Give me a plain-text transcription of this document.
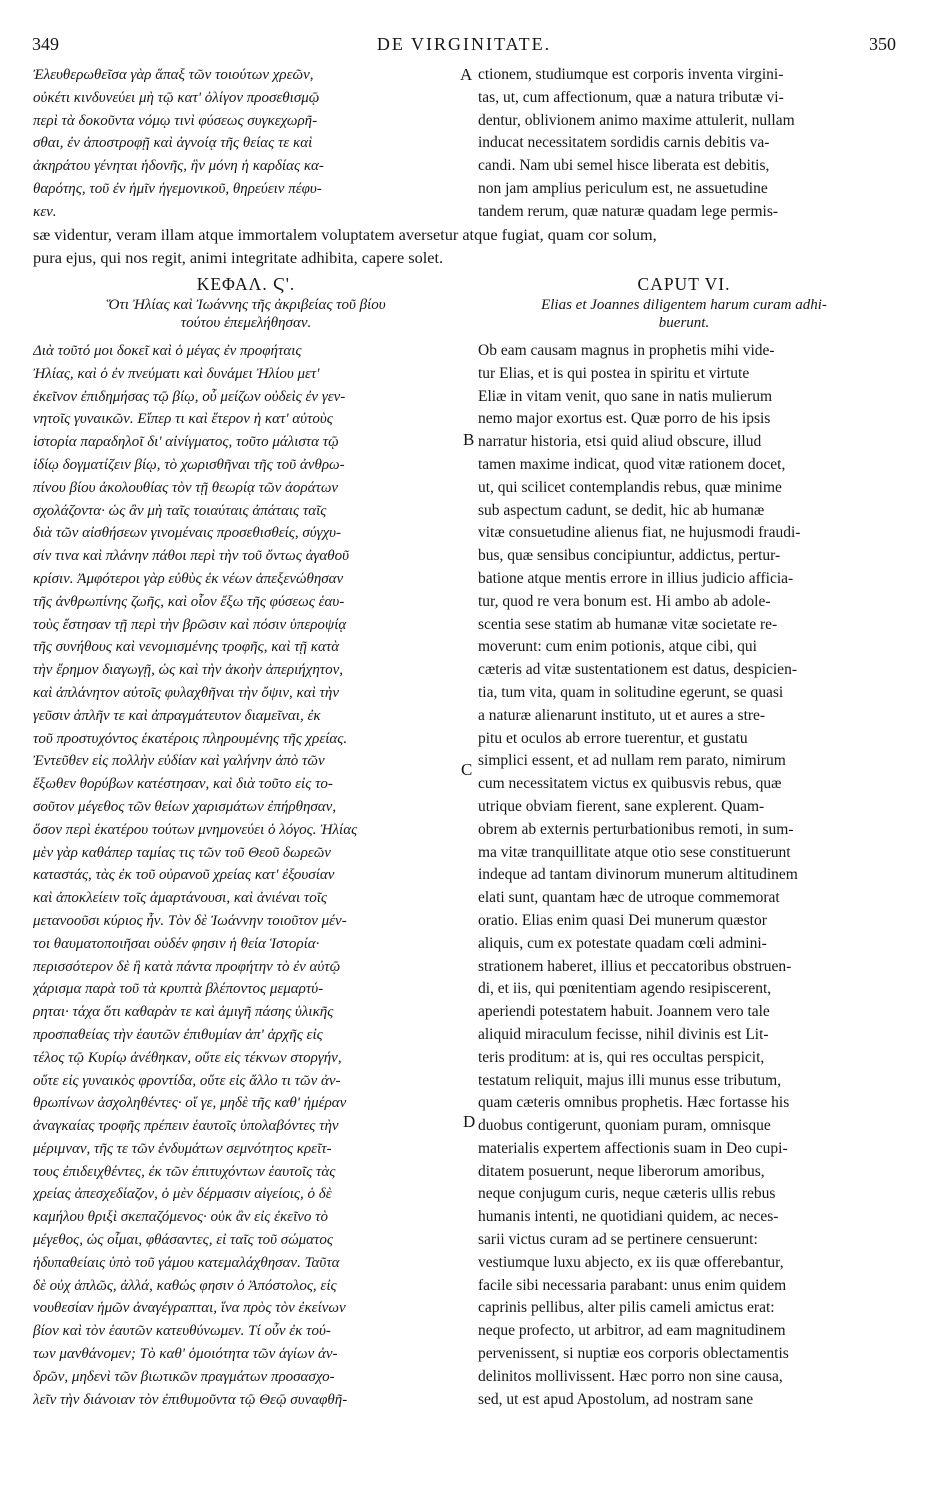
349	DE VIRGINITATE.	350
Ἐλευθερωθεῖσα γὰρ ἅπαξ τῶν τοιούτων χρεῶν,
οὐκέτι κινδυνεύει μὴ τῷ κατ' ὀλίγον προσεθισμῷ
περὶ τὰ δοκοῦντα νόμῳ τινὶ φύσεως συγκεχωρῆ-
σθαι, ἐν ἀποστροφῇ καὶ ἀγνοίᾳ τῆς θείας τε καὶ
ἀκηράτου γένηται ἡδονῆς, ἣν μόνη ἡ καρδίας κα-
θαρότης, τοῦ ἐν ἡμῖν ἡγεμονικοῦ, θηρεύειν πέφυ-
κεν.
ctionem, studiumque est corporis inventa virgini-
tas, ut, cum affectionum, quæ a natura tributæ vi-
dentur, oblivionem animo maxime attulerit, nullam
inducat necessitatem sordidis carnis debitis va-
candi. Nam ubi semel hisce liberata est debitis,
non jam amplius periculum est, ne assuetudine
tandem rerum, quæ naturæ quadam lege permis-
sæ videntur, veram illam atque immortalem voluptatem aversetur atque fugiat, quam cor solum,
pura ejus, qui nos regit, animi integritate adhibita, capere solet.
ΚΕΦΑΛ. Ϛ'.
Ὅτι Ἠλίας καὶ Ἰωάννης τῆς ἀκριβείας τοῦ βίου
τούτου ἐπεμελήθησαν.
Διὰ τοῦτό μοι δοκεῖ καὶ ὁ μέγας ἐν προφήταις
Ἠλίας, καὶ ὁ ἐν πνεύματι καὶ δυνάμει Ἠλίου μετ'
ἐκεῖνον ἐπιδημήσας τῷ βίῳ, οὗ μείζων οὐδεὶς ἐν γεν-
νητοῖς γυναικῶν. Εἴπερ τι καὶ ἕτερον ἡ κατ' αὐτοὺς
ἱστορία παραδηλοῖ δι' αἰνίγματος, τοῦτο μάλιστα τῷ
ἰδίῳ δογματίζειν βίῳ, τὸ χωρισθῆναι τῆς τοῦ ἀνθρω-
πίνου βίου ἀκολουθίας τὸν τῇ θεωρίᾳ τῶν ἀοράτων
σχολάζοντα· ὡς ἂν μὴ ταῖς τοιαύταις ἀπάταις ταῖς
διὰ τῶν αἰσθήσεων γινομέναις προσεθισθείς, σύγχυ-
σίν τινα καὶ πλάνην πάθοι περὶ τὴν τοῦ ὄντως ἀγαθοῦ
κρίσιν. Ἀμφότεροι γὰρ εὐθὺς ἐκ νέων ἀπεξενώθησαν
τῆς ἀνθρωπίνης ζωῆς, καὶ οἷον ἔξω τῆς φύσεως ἑαυ-
τοὺς ἔστησαν τῇ περὶ τὴν βρῶσιν καὶ πόσιν ὑπεροψίᾳ
τῆς συνήθους καὶ νενομισμένης τροφῆς, καὶ τῇ κατὰ
τὴν ἔρημον διαγωγῇ, ὡς καὶ τὴν ἀκοὴν ἀπεριήχητον,
καὶ ἀπλάνητον αὐτοῖς φυλαχθῆναι τὴν ὄψιν, καὶ τὴν
γεῦσιν ἁπλῆν τε καὶ ἀπραγμάτευτον διαμεῖναι, ἐκ
τοῦ προστυχόντος ἑκατέροις πληρουμένης τῆς χρείας.
Ἐντεῦθεν εἰς πολλὴν εὐδίαν καὶ γαλήνην ἀπὸ τῶν
ἔξωθεν θορύβων κατέστησαν, καὶ διὰ τοῦτο εἰς το-
σοῦτον μέγεθος τῶν θείων χαρισμάτων ἐπήρθησαν,
ὅσον περὶ ἑκατέρου τούτων μνημονεύει ὁ λόγος. Ἠλίας
μὲν γὰρ καθάπερ ταμίας τις τῶν τοῦ Θεοῦ δωρεῶν
καταστάς, τὰς ἐκ τοῦ οὐρανοῦ χρείας κατ' ἐξουσίαν
καὶ ἀποκλείειν τοῖς ἁμαρτάνουσι, καὶ ἀνιέναι τοῖς
μετανοοῦσι κύριος ἦν. Τὸν δὲ Ἰωάννην τοιοῦτον μέν-
τοι θαυματοποιῆσαι οὐδέν φησιν ἡ θεία Ἱστορία·
περισσότερον δὲ ἢ κατὰ πάντα προφήτην τὸ ἐν αὐτῷ
χάρισμα παρὰ τοῦ τὰ κρυπτὰ βλέποντος μεμαρτύ-
ρηται· τάχα ὅτι καθαρὰν τε καὶ ἀμιγῆ πάσης ὑλικῆς
προσπαθείας τὴν ἑαυτῶν ἐπιθυμίαν ἀπ' ἀρχῆς εἰς
τέλος τῷ Κυρίῳ ἀνέθηκαν, οὔτε εἰς τέκνων στοργήν,
οὔτε εἰς γυναικὸς φροντίδα, οὔτε εἰς ἄλλο τι τῶν ἀν-
θρωπίνων ἀσχοληθέντες· οἵ γε, μηδὲ τῆς καθ' ἡμέραν
ἀναγκαίας τροφῆς πρέπειν ἑαυτοῖς ὑπολαβόντες τὴν
μέριμναν, τῆς τε τῶν ἐνδυμάτων σεμνότητος κρεῖτ-
τους ἐπιδειχθέντες, ἐκ τῶν ἐπιτυχόντων ἑαυτοῖς τὰς
χρείας ἀπεσχεδίαζον, ὁ μὲν δέρμασιν αἰγείοις, ὁ δὲ
καμήλου θριξὶ σκεπαζόμενος· οὐκ ἂν εἰς ἐκεῖνο τὸ
μέγεθος, ὡς οἶμαι, φθάσαντες, εἰ ταῖς τοῦ σώματος
ἡδυπαθείαις ὑπὸ τοῦ γάμου κατεμαλάχθησαν. Ταῦτα
δὲ οὐχ ἁπλῶς, ἀλλά, καθώς φησιν ὁ Ἀπόστολος, εἰς
νουθεσίαν ἡμῶν ἀναγέγραπται, ἵνα πρὸς τὸν ἐκείνων
βίον καὶ τὸν ἑαυτῶν κατευθύνωμεν. Τί οὖν ἐκ τού-
των μανθάνομεν; Τὸ καθ' ὁμοιότητα τῶν ἁγίων ἀν-
δρῶν, μηδενὶ τῶν βιωτικῶν πραγμάτων προσασχο-
λεῖν τὴν διάνοιαν τὸν ἐπιθυμοῦντα τῷ Θεῷ συναφθῆ-
CAPUT VI.
Elias et Joannes diligentem harum curam adhi-
buerunt.
Ob eam causam magnus in prophetis mihi vide-
tur Elias, et is qui postea in spiritu et virtute
Eliæ in vitam venit, quo sane in natis mulierum
nemo major exortus est. Quæ porro de his ipsis
narratur historia, etsi quid aliud obscure, illud
tamen maxime indicat, quod vitæ rationem docet,
ut, qui scilicet contemplandis rebus, quæ minime
sub aspectum cadunt, se dedit, hic ab humanæ
vitæ consuetudine alienus fiat, ne hujusmodi fraudi-
bus, quæ sensibus concipiuntur, addictus, pertur-
batione atque mentis errore in illius judicio afficia-
tur, quod re vera bonum est. Hi ambo ab adole-
scentia sese statim ab humanæ vitæ societate re-
moverunt: cum enim potionis, atque cibi, qui
cæteris ad vitæ sustentationem est datus, despicien-
tia, tum vita, quam in solitudine egerunt, se quasi
a naturæ alienarunt instituto, ut et aures a stre-
pitu et oculos ab errore tuerentur, et gustatu
simplici essent, et ad nullam rem parato, nimirum
cum necessitatem victus ex quibusvis rebus, quæ
utrique obviam fierent, sane explerent. Quam-
obrem ab externis perturbationibus remoti, in sum-
ma vitæ tranquillitate atque otio sese constituerunt
indeque ad tantam divinorum munerum altitudinem
elati sunt, quantam hæc de utroque commemorat
oratio. Elias enim quasi Dei munerum quæstor
aliquis, cum ex potestate quadam cœli admini-
strationem haberet, illius et peccatoribus obstruen-
di, et iis, qui pœnitentiam agendo resipiscerent,
aperiendi potestatem habuit. Joannem vero tale
aliquid miraculum fecisse, nihil divinis est Lit-
teris proditum: at is, qui res occultas perspicit,
testatum reliquit, majus illi munus esse tributum,
quam cæteris omnibus prophetis. Hæc fortasse his
duobus contigerunt, quoniam puram, omnisque
materialis expertem affectionis suam in Deo cupi-
ditatem posuerunt, neque liberorum amoribus,
neque conjugum curis, neque cæteris ullis rebus
humanis intenti, ne quotidiani quidem, ac neces-
sarii victus curam ad se pertinere censuerunt:
vestiumque luxu abjecto, ex iis quæ offerebantur,
facile sibi necessaria parabant: unus enim quidem
caprinis pellibus, alter pilis cameli amictus erat:
neque profecto, ut arbitror, ad eam magnitudinem
pervenissent, si nuptiæ eos corporis oblectamentis
delinitos mollivissent. Hæc porro non sine causa,
sed, ut est apud Apostolum, ad nostram sane
A
B
C
D
